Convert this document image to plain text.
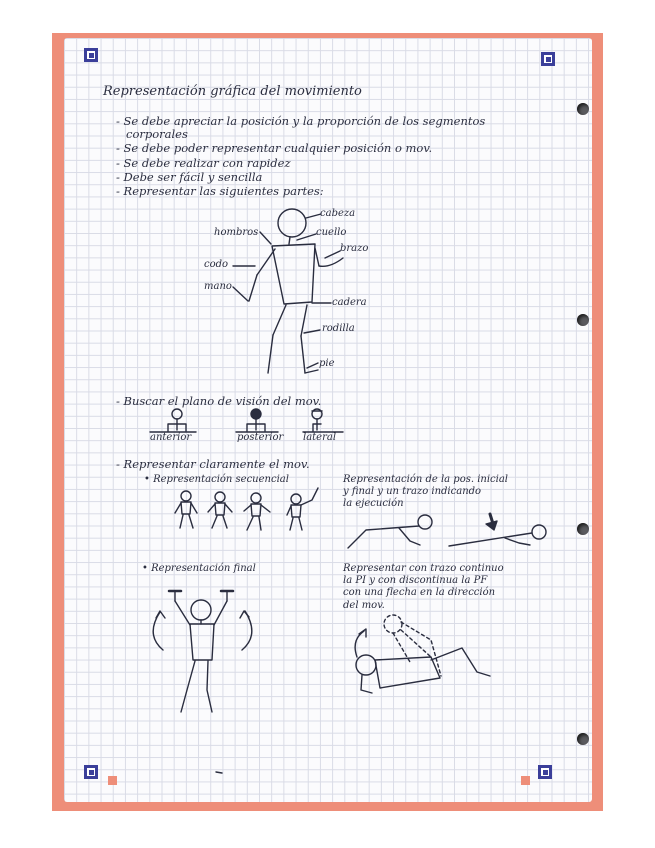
Representación gráfica del movimiento
- Se debe apreciar la posición y la proporción de los segmentos
corporales
- Se debe poder representar cualquier posición o mov.
- Se debe realizar con rapidez
- Debe ser fácil y sencilla
- Representar las siguientes partes:
cabeza
cuello
hombros
brazo
codo
mano
cadera
rodilla
pie
- Buscar el plano de visión del mov.
anterior	posterior lateral
- Representar claramente el mov.
• Representación secuencial	Representación de la pos. inicial
y final y un trazo indicando
la ejecución
• Representación final	Representar con trazo continuo
la PI y con discontinua la PF
con una flecha en la dirección
del mov.
